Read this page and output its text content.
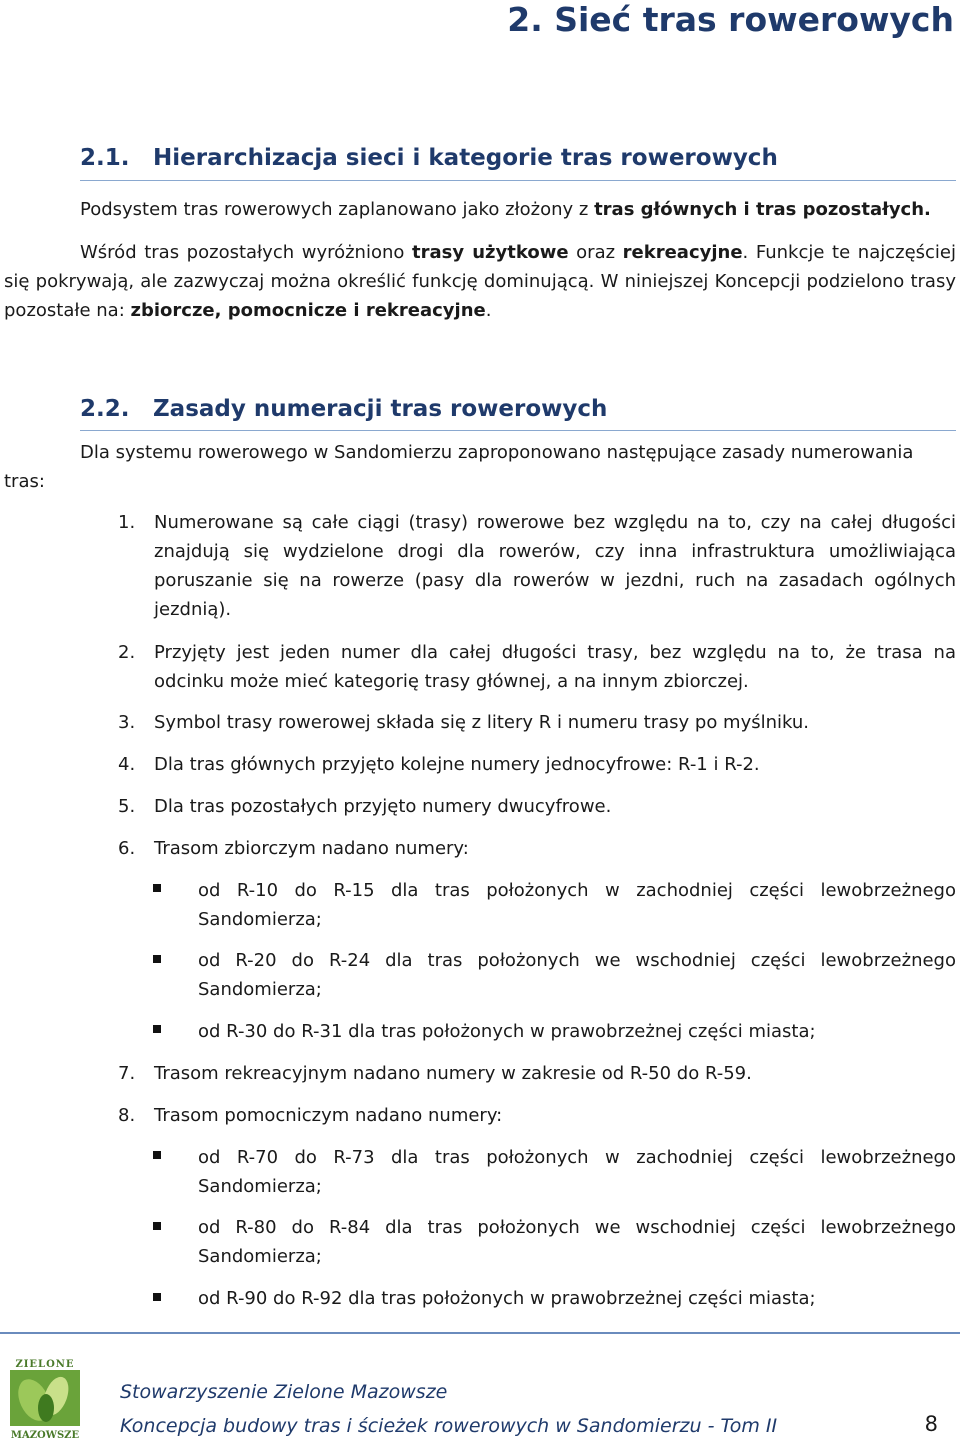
2. Sieć tras rowerowych
2.1. Hierarchizacja sieci i kategorie tras rowerowych
Podsystem tras rowerowych zaplanowano jako złożony z tras głównych i tras pozostałych.
Wśród tras pozostałych wyróżniono trasy użytkowe oraz rekreacyjne. Funkcje te najczęściej się pokrywają, ale zazwyczaj można określić funkcję dominującą. W niniejszej Koncepcji podzielono trasy pozostałe na: zbiorcze, pomocnicze i rekreacyjne.
2.2. Zasady numeracji tras rowerowych
Dla systemu rowerowego w Sandomierzu zaproponowano następujące zasady numerowania
tras:
1. Numerowane są całe ciągi (trasy) rowerowe bez względu na to, czy na całej długości znajdują się wydzielone drogi dla rowerów, czy inna infrastruktura umożliwiająca poruszanie się na rowerze (pasy dla rowerów w jezdni, ruch na zasadach ogólnych jezdnią).
2. Przyjęty jest jeden numer dla całej długości trasy, bez względu na to, że trasa na odcinku może mieć kategorię trasy głównej, a na innym zbiorczej.
3. Symbol trasy rowerowej składa się z litery R i numeru trasy po myślniku.
4. Dla tras głównych przyjęto kolejne numery jednocyfrowe: R-1 i R-2.
5. Dla tras pozostałych przyjęto numery dwucyfrowe.
6. Trasom zbiorczym nadano numery:
od R-10 do R-15 dla tras położonych w zachodniej części lewobrzeżnego Sandomierza;
od R-20 do R-24 dla tras położonych we wschodniej części lewobrzeżnego Sandomierza;
od R-30 do R-31 dla tras położonych w prawobrzeżnej części miasta;
7. Trasom rekreacyjnym nadano numery w zakresie od R-50 do R-59.
8. Trasom pomocniczym nadano numery:
od R-70 do R-73 dla tras położonych w zachodniej części lewobrzeżnego Sandomierza;
od R-80 do R-84 dla tras położonych we wschodniej części lewobrzeżnego Sandomierza;
od R-90 do R-92 dla tras położonych w prawobrzeżnej części miasta;
ZIELONE
MAZOWSZE
Stowarzyszenie Zielone Mazowsze
Koncepcja budowy tras i ścieżek rowerowych w Sandomierzu - Tom II	8
